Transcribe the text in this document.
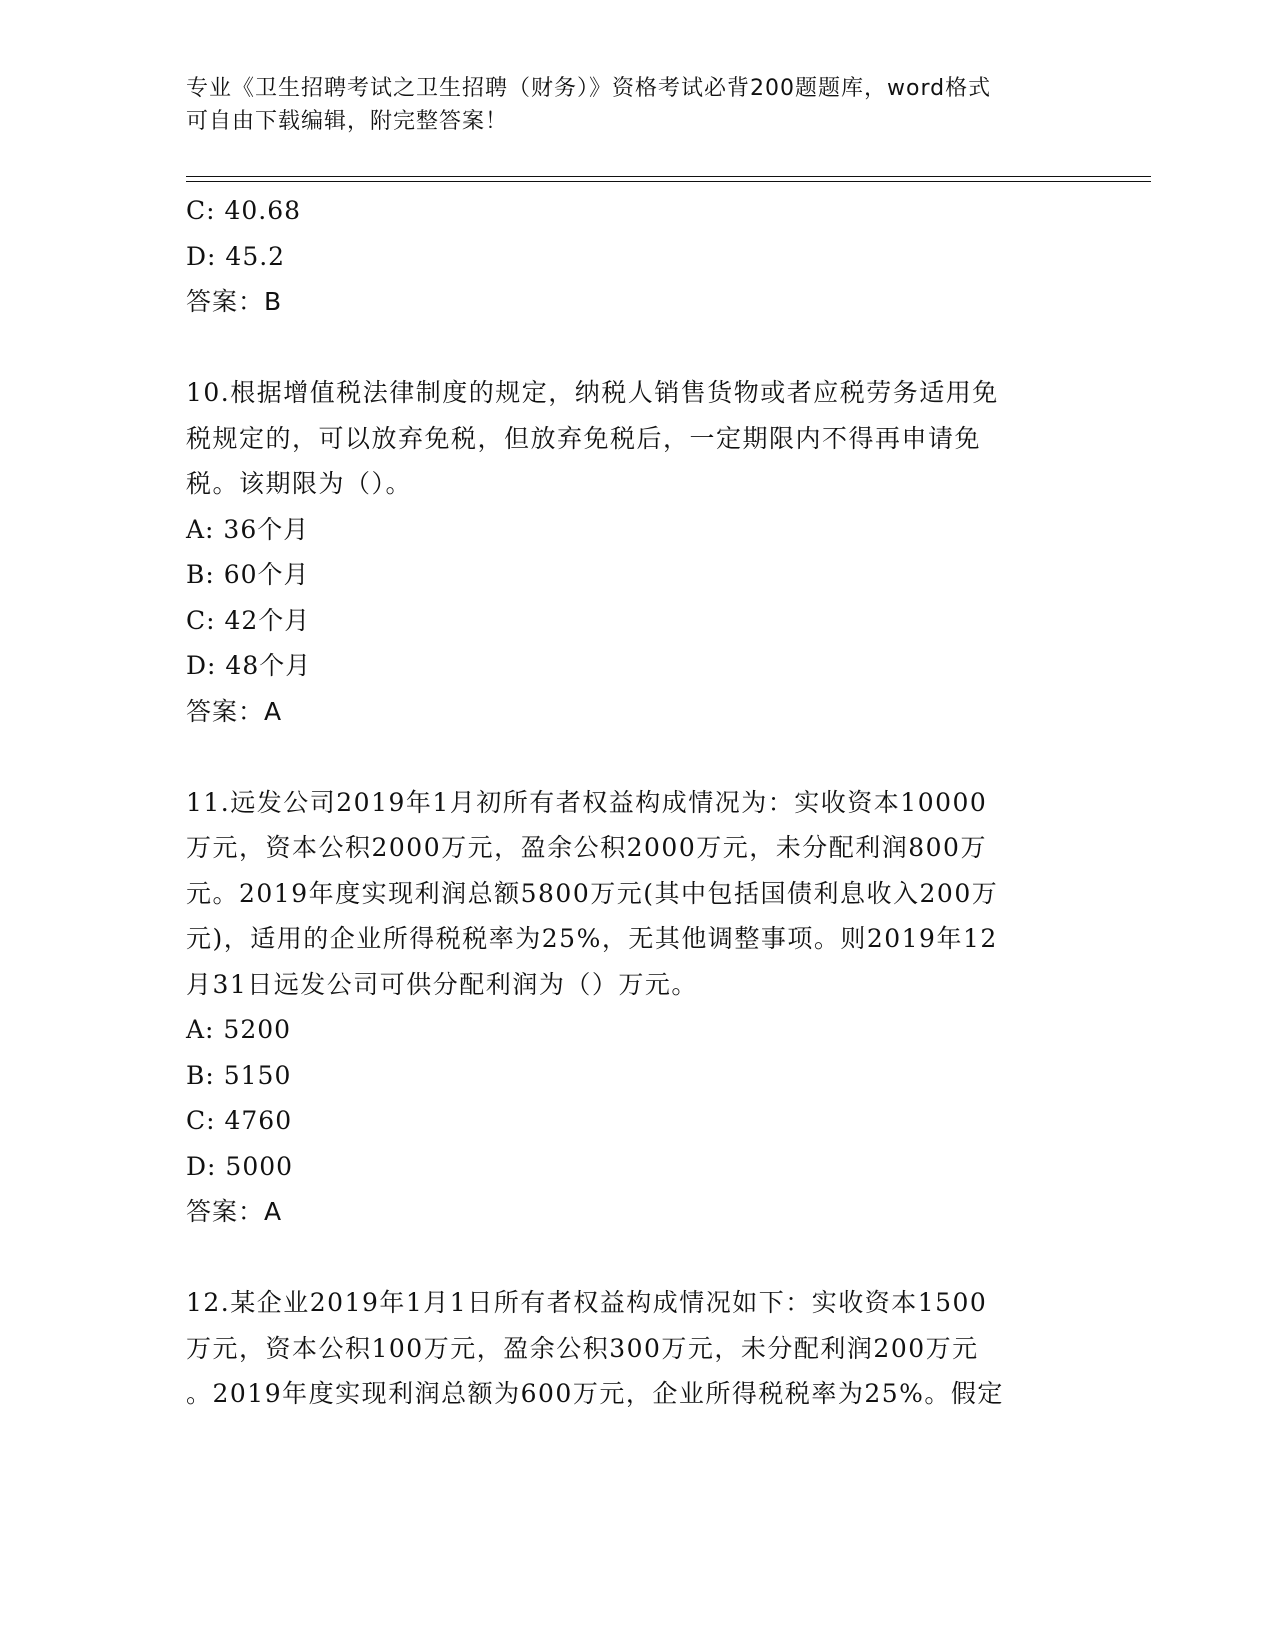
专业《卫生招聘考试之卫生招聘（财务）》资格考试必背200题题库，word格式
可自由下载编辑，附完整答案！
C: 40.68
D: 45.2
答案：B
10.根据增值税法律制度的规定，纳税人销售货物或者应税劳务适用免
税规定的，可以放弃免税，但放弃免税后，一定期限内不得再申请免
税。该期限为（）。
A: 36个月
B: 60个月
C: 42个月
D: 48个月
答案：A
11.远发公司2019年1月初所有者权益构成情况为：实收资本10000
万元，资本公积2000万元，盈余公积2000万元，未分配利润800万
元。2019年度实现利润总额5800万元(其中包括国债利息收入200万
元)，适用的企业所得税税率为25%，无其他调整事项。则2019年12
月31日远发公司可供分配利润为（）万元。
A: 5200
B: 5150
C: 4760
D: 5000
答案：A
12.某企业2019年1月1日所有者权益构成情况如下：实收资本1500
万元，资本公积100万元，盈余公积300万元，未分配利润200万元
。2019年度实现利润总额为600万元，企业所得税税率为25%。假定
